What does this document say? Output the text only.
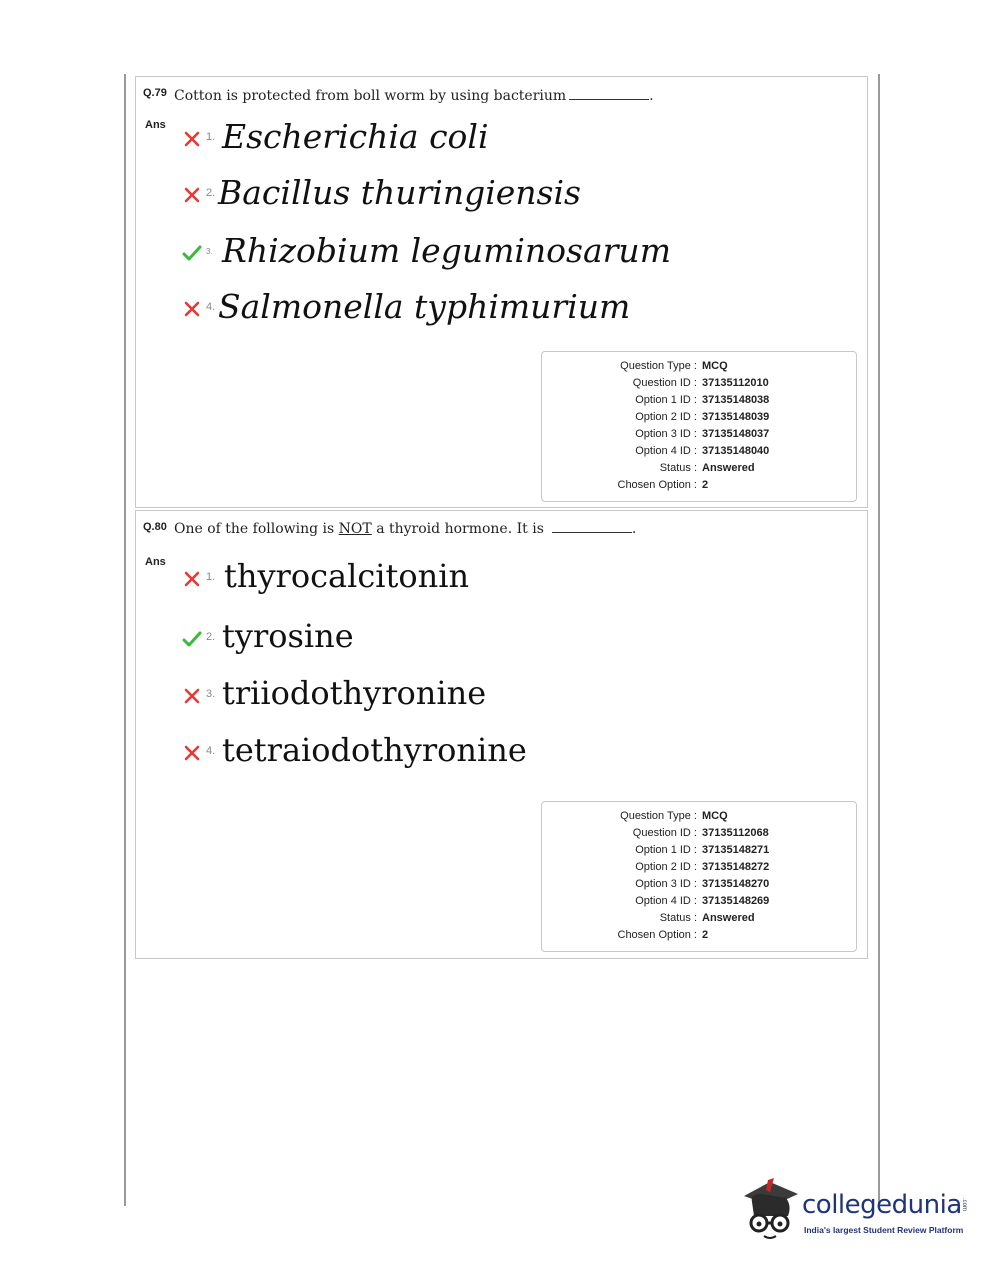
Q.79 Cotton is protected from boll worm by using bacterium	.
Ans
1. Escherichia coli
2. Bacillus thuringiensis
3. Rhizobium leguminosarum
4. Salmonella typhimurium
Question Type : MCQ
Question ID : 37135112010
Option 1 ID : 37135148038
Option 2 ID : 37135148039
Option 3 ID : 37135148037
Option 4 ID : 37135148040
Status : Answered
Chosen Option : 2
Q.80 One of the following is NOT a thyroid hormone. It is	.
Ans
1. thyrocalcitonin
2. tyrosine
3. triiodothyronine
4. tetraiodothyronine
Question Type : MCQ
Question ID : 37135112068
Option 1 ID : 37135148271
Option 2 ID : 37135148272
Option 3 ID : 37135148270
Option 4 ID : 37135148269
Status : Answered
Chosen Option : 2
collegedunia .com
India's largest Student Review Platform
